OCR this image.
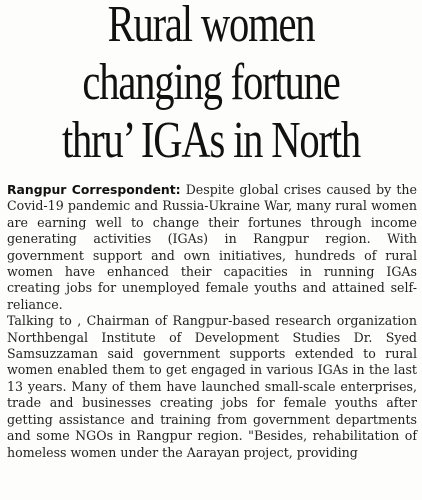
Rural women
changing fortune
thru’ IGAs in North

Rangpur Correspondent: Despite global crises caused by the Covid-19 pandemic and Russia-Ukraine War, many rural women are earning well to change their fortunes through income generating activities (IGAs) in Rangpur region. With government support and own initiatives, hundreds of rural women have enhanced their capacities in running IGAs creating jobs for unemployed female youths and attained self-reliance.

Talking to , Chairman of Rangpur-based research organization Northbengal Institute of Development Studies Dr. Syed Samsuzzaman said government supports extended to rural women enabled them to get engaged in various IGAs in the last 13 years. Many of them have launched small-scale enterprises, trade and businesses creating jobs for female youths after getting assistance and training from government departments and some NGOs in Rangpur region. "Besides, rehabilitation of homeless women under the Aarayan project, providing
